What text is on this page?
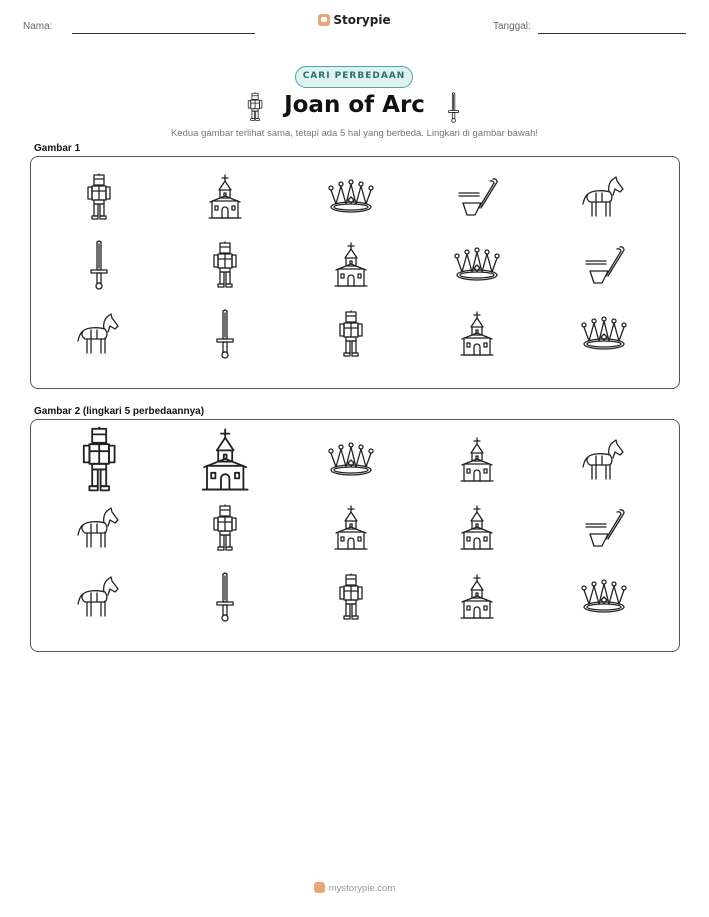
Nama:	Storypie	Tanggal:
CARI PERBEDAAN
Joan of Arc
Kedua gambar terlihat sama, tetapi ada 5 hal yang berbeda. Lingkari di gambar bawah!
Gambar 1
Gambar 2 (lingkari 5 perbedaannya)
mystorypie.com
